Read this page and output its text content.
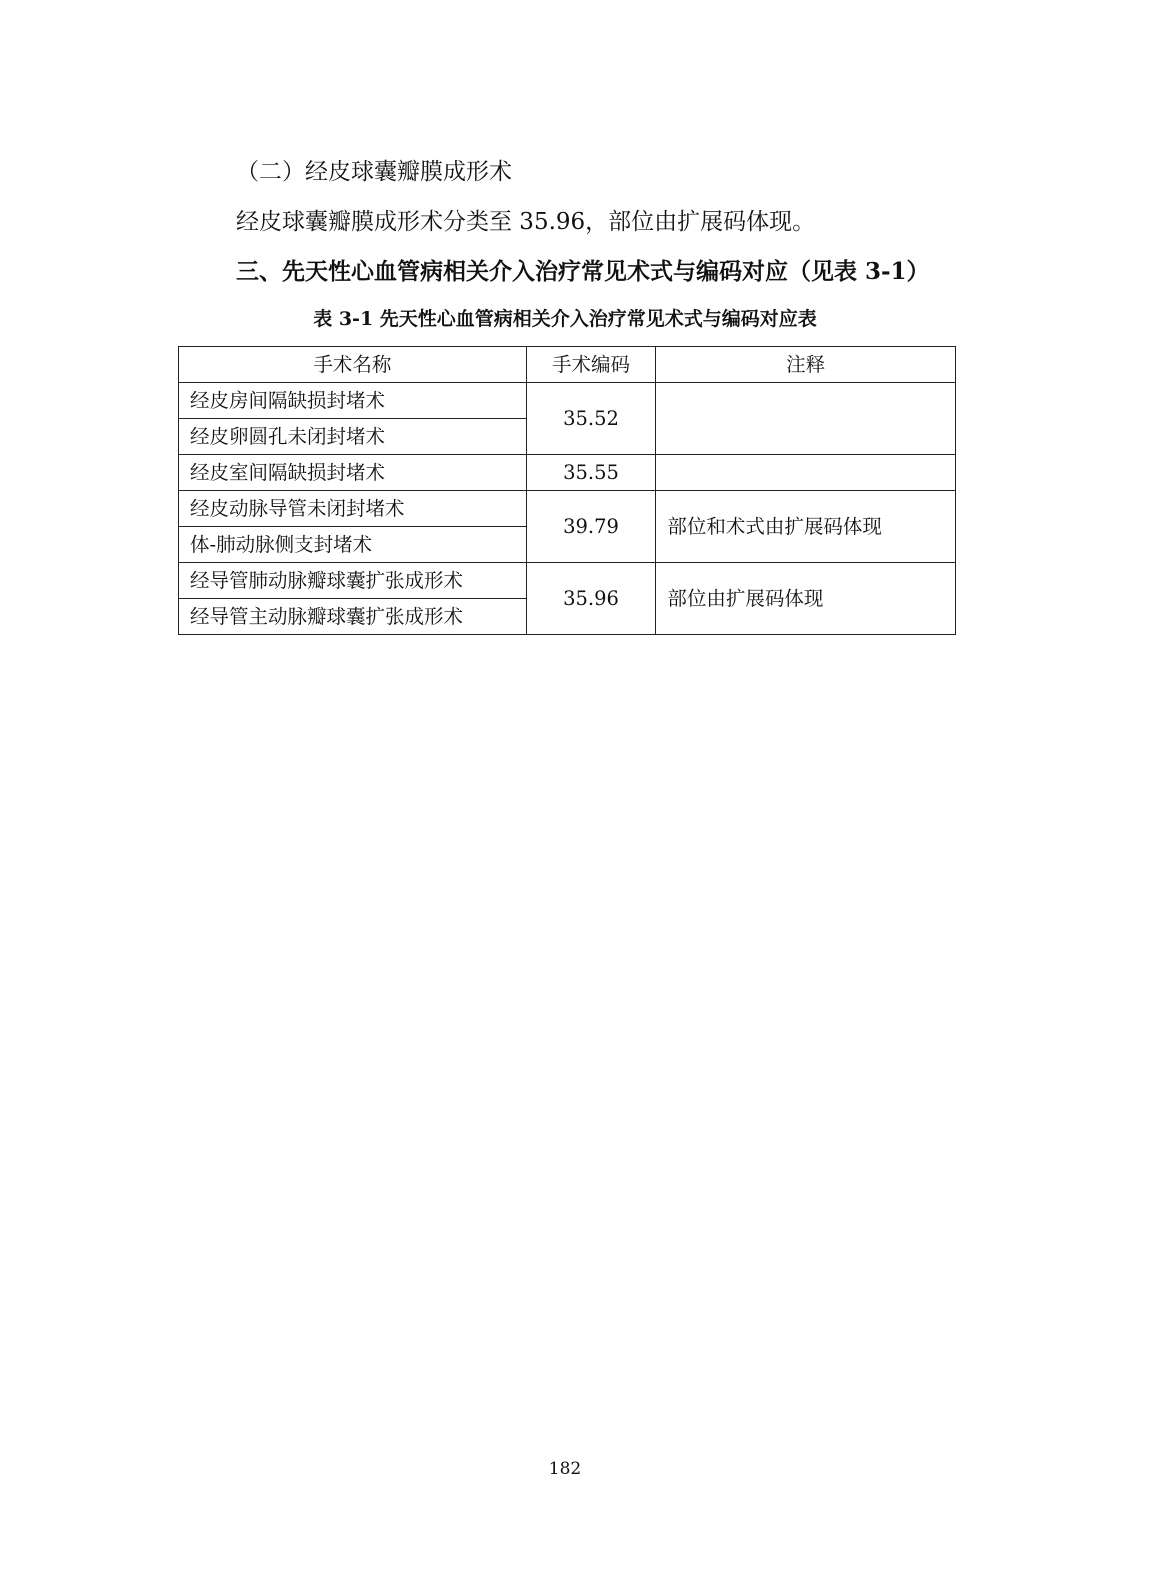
（二）经皮球囊瓣膜成形术
经皮球囊瓣膜成形术分类至 35.96，部位由扩展码体现。
三、先天性心血管病相关介入治疗常见术式与编码对应（见表 3-1）
表 3-1 先天性心血管病相关介入治疗常见术式与编码对应表
手术名称	手术编码	注释
经皮房间隔缺损封堵术	35.52	
经皮卵圆孔未闭封堵术		
经皮室间隔缺损封堵术	35.55	
经皮动脉导管未闭封堵术	39.79	部位和术式由扩展码体现
体-肺动脉侧支封堵术		
经导管肺动脉瓣球囊扩张成形术	35.96	部位由扩展码体现
经导管主动脉瓣球囊扩张成形术		
182
